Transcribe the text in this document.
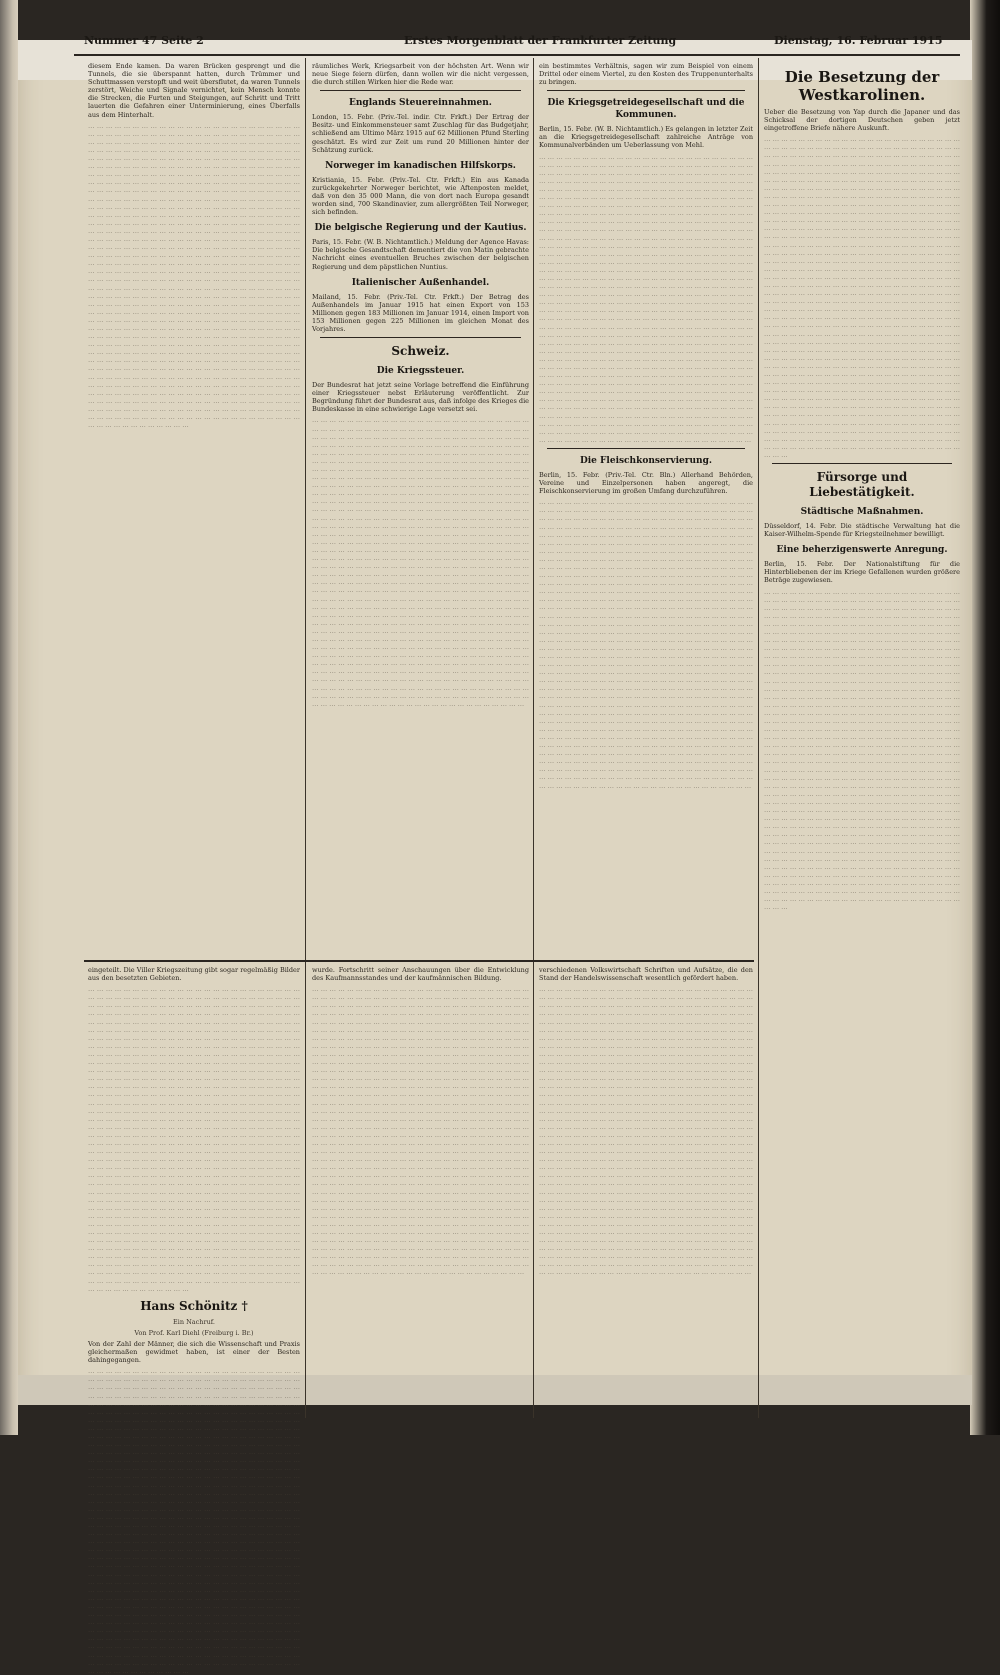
Nummer 47 Seite 2	Erstes Morgenblatt der Frankfurter Zeitung	Dienstag, 16. Februar 1915
diesem Ende kamen. Da waren Brücken gesprengt und die Tunnels, die sie überspannt hatten, durch Trümmer und Schuttmassen verstopft und weit übersflutet, da waren Tunnels zerstört, Weiche und Signale vernichtet, kein Mensch konnte die Strecken, die Furten und Steigungen, auf Schritt und Tritt lauerten die Gefahren einer Unterminierung, eines Überfalls aus dem Hinterhalt.
… … … … … … … … … … … … … … … … … … … … … … … … … … … … … … … … … … … … … … … … … … … … … … … … … … … … … … … … … … … … … … … … … … … … … … … … … … … … … … … … … … … … … … … … … … … … … … … … … … … … … … … … … … … … … … … … … … … … … … … … … … … … … … … … … … … … … … … … … … … … … … … … … … … … … … … … … … … … … … … … … … … … … … … … … … … … … … … … … … … … … … … … … … … … … … … … … … … … … … … … … … … … … … … … … … … … … … … … … … … … … … … … … … … … … … … … … … … … … … … … … … … … … … … … … … … … … … … … … … … … … … … … … … … … … … … … … … … … … … … … … … … … … … … … … … … … … … … … … … … … … … … … … … … … … … … … … … … … … … … … … … … … … … … … … … … … … … … … … … … … … … … … … … … … … … … … … … … … … … … … … … … … … … … … … … … … … … … … … … … … … … … … … … … … … … … … … … … … … … … … … … … … … … … … … … … … … … … … … … … … … … … … … … … … … … … … … … … … … … … … … … … … … … … … … … … … … … … … … … … … … … … … … … … … … … … … … … … … … … … … … … … … … … … … … … … … … … … … … … … … … … … … … … … … … … … … … … … … … … … … … … … … … … … … … … … … … … … … … … … … … … … … … … … … … … … … … … … … … … … … … … … … … … … … … … … … … … … … … … … … … … … … … … … … … … … … … … … … … … … … … … … … … … … … … … … … … … … … … … … … … … … … … … … … … … … … … … … … … … … … … … … … … … … … … … … … … … … … … … … … … … … … … … … … … … … … … … … … … … … … … … … … … … … … … … … … … … … … … … … … … … … … … … … … … … … … … … … … … … … … … … … … … … … … … … … … … … … … … … … … … … … … … … … … … … … … … … … … … … … … … … … … … … … … … … … … … … … … … … … … … … … … … … … … … … … … … … … … … … … … … … … … … … … … … … … … … … … … … … … … … … … … … … … … … … … … … … … … … … … … … … … … … … … … … … … … … … … … … … … … … … … … … … … … … … … … … … … … … … … … … … … … … … … … … … … … … … … … … … … …
räumliches Werk, Kriegsarbeit von der höchsten Art. Wenn wir neue Siege feiern dürfen, dann wollen wir die nicht vergessen, die durch stillen Wirken hier die Rede war.
Englands Steuereinnahmen.
London, 15. Febr. (Priv.-Tel. indir. Ctr. Frkft.) Der Ertrag der Besitz- und Einkommensteuer samt Zuschlag für das Budgetjahr, schließend am Ultimo März 1915 auf 62 Millionen Pfund Sterling geschätzt. Es wird zur Zeit um rund 20 Millionen hinter der Schätzung zurück.
Norweger im kanadischen Hilfskorps.
Kristiania, 15. Febr. (Priv.-Tel. Ctr. Frkft.) Ein aus Kanada zurückgekehrter Norweger berichtet, wie Aftenposten meldet, daß von den 35 000 Mann, die von dort nach Europa gesandt worden sind, 700 Skandinavier, zum allergrößten Teil Norweger, sich befinden.
Die belgische Regierung und der Kautius.
Paris, 15. Febr. (W. B. Nichtamtlich.) Meldung der Agence Havas: Die belgische Gesandtschaft dementiert die von Matin gebrachte Nachricht eines eventuellen Bruches zwischen der belgischen Regierung und dem päpstlichen Nuntius.
Italienischer Außenhandel.
Mailand, 15. Febr. (Priv.-Tel. Ctr. Frkft.) Der Betrag des Außenhandels im Januar 1915 hat einen Export von 153 Millionen gegen 183 Millionen im Januar 1914, einen Import von 153 Millionen gegen 225 Millionen im gleichen Monat des Vorjahres.
Schweiz.
Die Kriegssteuer.
Der Bundesrat hat jetzt seine Vorlage betreffend die Einführung einer Kriegssteuer nebst Erläuterung veröffentlicht. Zur Begründung führt der Bundesrat aus, daß infolge des Krieges die Bundeskasse in eine schwierige Lage versetzt sei.
… … … … … … … … … … … … … … … … … … … … … … … … … … … … … … … … … … … … … … … … … … … … … … … … … … … … … … … … … … … … … … … … … … … … … … … … … … … … … … … … … … … … … … … … … … … … … … … … … … … … … … … … … … … … … … … … … … … … … … … … … … … … … … … … … … … … … … … … … … … … … … … … … … … … … … … … … … … … … … … … … … … … … … … … … … … … … … … … … … … … … … … … … … … … … … … … … … … … … … … … … … … … … … … … … … … … … … … … … … … … … … … … … … … … … … … … … … … … … … … … … … … … … … … … … … … … … … … … … … … … … … … … … … … … … … … … … … … … … … … … … … … … … … … … … … … … … … … … … … … … … … … … … … … … … … … … … … … … … … … … … … … … … … … … … … … … … … … … … … … … … … … … … … … … … … … … … … … … … … … … … … … … … … … … … … … … … … … … … … … … … … … … … … … … … … … … … … … … … … … … … … … … … … … … … … … … … … … … … … … … … … … … … … … … … … … … … … … … … … … … … … … … … … … … … … … … … … … … … … … … … … … … … … … … … … … … … … … … … … … … … … … … … … … … … … … … … … … … … … … … … … … … … … … … … … … … … … … … … … … … … … … … … … … … … … … … … … … … … … … … … … … … … … … … … … … … … … … … … … … … … … … … … … … … … … … … … … … … … … … … … … … … … … … … … … … … … … … … … … … … … … … … … … … … … … … … … … … … … … … … … … … … … … … … … … … … … … … … … … … … … … … … … … … … … … … … … … … … … … … … … … … … … … … … … … … … … … … … … … … … … … … … … … … … … … … … … … … … … … … … … … … … … … … … … … … … … … … … … … … … … … … … … … … … … … … … … … … … … … … … … … … … … … … … … … … … … … … … … … … … … … … … … … … … … … … … … … … … … … … … … … … … … … … … … … … … … … … … … … … … … … … … … … … … … … … … … … … … … … … … … … … … … … … … … … … … … … … … … … … … … … … … … … … … … … … … … … … … … … … … … … … … … … … … … … … … … … … … … … … … … … … … … … … … … … … … … … … … … … … …
ein bestimmtes Verhältnis, sagen wir zum Beispiel von einem Drittel oder einem Viertel, zu den Kosten des Truppenunterhalts zu bringen.
Die Kriegsgetreidegesellschaft und die Kommunen.
Berlin, 15. Febr. (W. B. Nichtamtlich.) Es gelangen in letzter Zeit an die Kriegsgetreidegesellschaft zahlreiche Anträge von Kommunalverbänden um Ueberlassung von Mehl.
… … … … … … … … … … … … … … … … … … … … … … … … … … … … … … … … … … … … … … … … … … … … … … … … … … … … … … … … … … … … … … … … … … … … … … … … … … … … … … … … … … … … … … … … … … … … … … … … … … … … … … … … … … … … … … … … … … … … … … … … … … … … … … … … … … … … … … … … … … … … … … … … … … … … … … … … … … … … … … … … … … … … … … … … … … … … … … … … … … … … … … … … … … … … … … … … … … … … … … … … … … … … … … … … … … … … … … … … … … … … … … … … … … … … … … … … … … … … … … … … … … … … … … … … … … … … … … … … … … … … … … … … … … … … … … … … … … … … … … … … … … … … … … … … … … … … … … … … … … … … … … … … … … … … … … … … … … … … … … … … … … … … … … … … … … … … … … … … … … … … … … … … … … … … … … … … … … … … … … … … … … … … … … … … … … … … … … … … … … … … … … … … … … … … … … … … … … … … … … … … … … … … … … … … … … … … … … … … … … … … … … … … … … … … … … … … … … … … … … … … … … … … … … … … … … … … … … … … … … … … … … … … … … … … … … … … … … … … … … … … … … … … … … … … … … … … … … … … … … … … … … … … … … … … … … … … … … … … … … … … … … … … … … … … … … … … … … … … … … … … … … … … … … … … … … … … … … … … … … … … … … … … … … … … … … … … … … … … … … … … … … … … … … … … … … … … … … … … … … … … … … … … … … … … … … … … … … … … … … … … … … … … … … … … … … … … … … … … … … … … … … … … … … … … … … … … … … … … … … … … … … … … … … … … … … … … … … … … … … … … … … … … … … … … … … … … … … … … … … … … … … … … … … … … … … … … … … … … … … … … … … … … … … … … … … … … … … … … … … … … … … … … … … … … … … … … … … … … … … … … … … … … … … … … … … … … … … … … … … … … … … … … … … … … … … … … … … … … … … … … … … … … … … … … … … … … … … … … … … … … … … … … … … … … … … … … … … … … … … … … … … … … … … … … … … … … … … … … … … … … … … … … … … … … … … … … … … … … … … … … … … … … … … … … … … … … … … … … … … … …
Die Fleischkonservierung.
Berlin, 15. Febr. (Priv.-Tel. Ctr. Bln.) Allerhand Behörden, Vereine und Einzelpersonen haben angeregt, die Fleischkonservierung im großen Umfang durchzuführen.
… … … … … … … … … … … … … … … … … … … … … … … … … … … … … … … … … … … … … … … … … … … … … … … … … … … … … … … … … … … … … … … … … … … … … … … … … … … … … … … … … … … … … … … … … … … … … … … … … … … … … … … … … … … … … … … … … … … … … … … … … … … … … … … … … … … … … … … … … … … … … … … … … … … … … … … … … … … … … … … … … … … … … … … … … … … … … … … … … … … … … … … … … … … … … … … … … … … … … … … … … … … … … … … … … … … … … … … … … … … … … … … … … … … … … … … … … … … … … … … … … … … … … … … … … … … … … … … … … … … … … … … … … … … … … … … … … … … … … … … … … … … … … … … … … … … … … … … … … … … … … … … … … … … … … … … … … … … … … … … … … … … … … … … … … … … … … … … … … … … … … … … … … … … … … … … … … … … … … … … … … … … … … … … … … … … … … … … … … … … … … … … … … … … … … … … … … … … … … … … … … … … … … … … … … … … … … … … … … … … … … … … … … … … … … … … … … … … … … … … … … … … … … … … … … … … … … … … … … … … … … … … … … … … … … … … … … … … … … … … … … … … … … … … … … … … … … … … … … … … … … … … … … … … … … … … … … … … … … … … … … … … … … … … … … … … … … … … … … … … … … … … … … … … … … … … … … … … … … … … … … … … … … … … … … … … … … … … … … … … … … … … … … … … … … … … … … … … … … … … … … … … … … … … … … … … … … … … … … … … … … … … … … … … … … … … … … … … … … … … … … … … … … … … … … … … … … … … … … … … … … … … … … … … … … … … … … … … … … … … … … … … … … … … … … … … … … … … … … … … … … … … … … … … … … … … … … … … … … … … … … … … … … … … … … … … … … … … … … … … … … … … … … … … … … … … … … … … … … … … … … … … … … … … … … … … … … … … … … … … … … … … … … … … … … … … … … … … … … … … … … … … … … … … … … … … … … … … … … … … … … … … … … … … … … … … … … … … … … … … … … … … … … … … … … … … … … … … … … … … … … … … … … … … … … … … … … … … … … … … … … … … … … … … … … … … … … … … … … … … …
Die Besetzung der Westkarolinen.
Ueber die Besetzung von Yap durch die Japaner und das Schicksal der dortigen Deutschen geben jetzt eingetroffene Briefe nähere Auskunft.
… … … … … … … … … … … … … … … … … … … … … … … … … … … … … … … … … … … … … … … … … … … … … … … … … … … … … … … … … … … … … … … … … … … … … … … … … … … … … … … … … … … … … … … … … … … … … … … … … … … … … … … … … … … … … … … … … … … … … … … … … … … … … … … … … … … … … … … … … … … … … … … … … … … … … … … … … … … … … … … … … … … … … … … … … … … … … … … … … … … … … … … … … … … … … … … … … … … … … … … … … … … … … … … … … … … … … … … … … … … … … … … … … … … … … … … … … … … … … … … … … … … … … … … … … … … … … … … … … … … … … … … … … … … … … … … … … … … … … … … … … … … … … … … … … … … … … … … … … … … … … … … … … … … … … … … … … … … … … … … … … … … … … … … … … … … … … … … … … … … … … … … … … … … … … … … … … … … … … … … … … … … … … … … … … … … … … … … … … … … … … … … … … … … … … … … … … … … … … … … … … … … … … … … … … … … … … … … … … … … … … … … … … … … … … … … … … … … … … … … … … … … … … … … … … … … … … … … … … … … … … … … … … … … … … … … … … … … … … … … … … … … … … … … … … … … … … … … … … … … … … … … … … … … … … … … … … … … … … … … … … … … … … … … … … … … … … … … … … … … … … … … … … … … … … … … … … … … … … … … … … … … … … … … … … … … … … … … … … … … … … … … … … … … … … … … … … … … … … … … … … … … … … … … … … … … … … … … … … … … … … … … … … … … … … … … … … … … … … … … … … … … … … … … … … … … … … … … … … … … … … … … … … … … … … … … … … … … … … … … … … … … … … … … … … … … … … … … … … … … … … … … … … … … … … … … … … … … … … … … … … … … … … … … … … … … … … … … … … … … … … … … … … … … … … … … … … … … … … … … … … … … … … … … … … … … … … … … … … … … … … … … … … … … … … … … … … … … … … … … … … … … … … … … … … … … … … … … … … … … … … … … … … … … … … … … … … … … … … … … … … … … … … … … … … … … … … … … … … … … … … … … … … … … … … … … … … … … … … … … … … … … … … … … … … … … … … … … … … … … …
Fürsorge und Liebestätigkeit.
Städtische Maßnahmen.
Düsseldorf, 14. Febr. Die städtische Verwaltung hat die Kaiser-Wilhelm-Spende für Kriegsteilnehmer bewilligt.
Eine beherzigenswerte Anregung.
Berlin, 15. Febr. Der Nationalstiftung für die Hinterbliebenen der im Kriege Gefallenen wurden größere Beträge zugewiesen.
… … … … … … … … … … … … … … … … … … … … … … … … … … … … … … … … … … … … … … … … … … … … … … … … … … … … … … … … … … … … … … … … … … … … … … … … … … … … … … … … … … … … … … … … … … … … … … … … … … … … … … … … … … … … … … … … … … … … … … … … … … … … … … … … … … … … … … … … … … … … … … … … … … … … … … … … … … … … … … … … … … … … … … … … … … … … … … … … … … … … … … … … … … … … … … … … … … … … … … … … … … … … … … … … … … … … … … … … … … … … … … … … … … … … … … … … … … … … … … … … … … … … … … … … … … … … … … … … … … … … … … … … … … … … … … … … … … … … … … … … … … … … … … … … … … … … … … … … … … … … … … … … … … … … … … … … … … … … … … … … … … … … … … … … … … … … … … … … … … … … … … … … … … … … … … … … … … … … … … … … … … … … … … … … … … … … … … … … … … … … … … … … … … … … … … … … … … … … … … … … … … … … … … … … … … … … … … … … … … … … … … … … … … … … … … … … … … … … … … … … … … … … … … … … … … … … … … … … … … … … … … … … … … … … … … … … … … … … … … … … … … … … … … … … … … … … … … … … … … … … … … … … … … … … … … … … … … … … … … … … … … … … … … … … … … … … … … … … … … … … … … … … … … … … … … … … … … … … … … … … … … … … … … … … … … … … … … … … … … … … … … … … … … … … … … … … … … … … … … … … … … … … … … … … … … … … … … … … … … … … … … … … … … … … … … … … … … … … … … … … … … … … … … … … … … … … … … … … … … … … … … … … … … … … … … … … … … … … … … … … … … … … … … … … … … … … … … … … … … … … … … … … … … … … … … … … … … … … … … … … … … … … … … … … … … … … … … … … … … … … … … … … … … … … … … … … … … … … … … … … … … … … … … … … … … … … … … … … … … … … … … … … … … … … … … … … … … … … … … … … … … … … … … … … … … … … … … … … … … … … … … … … … … … … … … … … … … … … … … … … … … … … … … … … … … … … … … … … … … … … … … … … … … … … … … … … … … … … … … … … … … … … … … … … … … … … … … … … … … … …
eingeteilt. Die Viller Kriegszeitung gibt sogar regelmäßig Bilder aus den besetzten Gebieten.
… … … … … … … … … … … … … … … … … … … … … … … … … … … … … … … … … … … … … … … … … … … … … … … … … … … … … … … … … … … … … … … … … … … … … … … … … … … … … … … … … … … … … … … … … … … … … … … … … … … … … … … … … … … … … … … … … … … … … … … … … … … … … … … … … … … … … … … … … … … … … … … … … … … … … … … … … … … … … … … … … … … … … … … … … … … … … … … … … … … … … … … … … … … … … … … … … … … … … … … … … … … … … … … … … … … … … … … … … … … … … … … … … … … … … … … … … … … … … … … … … … … … … … … … … … … … … … … … … … … … … … … … … … … … … … … … … … … … … … … … … … … … … … … … … … … … … … … … … … … … … … … … … … … … … … … … … … … … … … … … … … … … … … … … … … … … … … … … … … … … … … … … … … … … … … … … … … … … … … … … … … … … … … … … … … … … … … … … … … … … … … … … … … … … … … … … … … … … … … … … … … … … … … … … … … … … … … … … … … … … … … … … … … … … … … … … … … … … … … … … … … … … … … … … … … … … … … … … … … … … … … … … … … … … … … … … … … … … … … … … … … … … … … … … … … … … … … … … … … … … … … … … … … … … … … … … … … … … … … … … … … … … … … … … … … … … … … … … … … … … … … … … … … … … … … … … … … … … … … … … … … … … … … … … … … … … … … … … … … … … … … … … … … … … … … … … … … … … … … … … … … … … … … … … … … … … … … … … … … … … … … … … … … … … … … … … … … … … … … … … … … … … … … … … … … … … … … … … … … … … … … … … … … … … … … … … … … … … … … … … … … … … … … … … … … … … … … … … … … … … … … … … … … … … … … … … … … … … … … … … … … … … … … … … … … … … … … … … … … … … … … … … … … … … … … … … … … … … … … … … … … … … … … … … … … … … … … … … … … … … … … … … … … … … … … … … … … … … … … … … … … … … … … … … … … … … … … … … … … … … … … … … … … … … … … … … … … … … … … … … … … … … … … … … … … … … … … … … … … … … … … … … … … … … … … … … … … … … … … … … … … … … … … … … … … … … … … … … … … … …
Hans Schönitz †
Ein Nachruf.
Von Prof. Karl Diehl (Freiburg i. Br.)
Von der Zahl der Männer, die sich die Wissenschaft und Praxis gleichermaßen gewidmet haben, ist einer der Besten dahingegangen.
… … … … … … … … … … … … … … … … … … … … … … … … … … … … … … … … … … … … … … … … … … … … … … … … … … … … … … … … … … … … … … … … … … … … … … … … … … … … … … … … … … … … … … … … … … … … … … … … … … … … … … … … … … … … … … … … … … … … … … … … … … … … … … … … … … … … … … … … … … … … … … … … … … … … … … … … … … … … … … … … … … … … … … … … … … … … … … … … … … … … … … … … … … … … … … … … … … … … … … … … … … … … … … … … … … … … … … … … … … … … … … … … … … … … … … … … … … … … … … … … … … … … … … … … … … … … … … … … … … … … … … … … … … … … … … … … … … … … … … … … … … … … … … … … … … … … … … … … … … … … … … … … … … … … … … … … … … … … … … … … … … … … … … … … … … … … … … … … … … … … … … … … … … … … … … … … … … … … … … … … … … … … … … … … … … … … … … … … … … … … … … … … … … … … … … … … … … … … … … … … … … … … … … … … … … … … … … … … … … … … … … … … … … … … … … … … … … … … … … … … … … … … … … … … … … … … … … … … … … … … … … … … … … … … … … … … … … … … … … … … … … … … … … … … … … … … … … … … … … … … … … … … … … … … … … … … … … … … … … … … … … … … … … … … … … … … … … … … … … … … … … … … … … … … … … … … … … … … … … … … … … … … … … … … … … … … … … … … … … … … … … … … … … … … … … … … … … … … … … … … … … … … … … … … … … … … … … … … … … … … … … … … … … … … … … … … … … … … … … … … … … … … … … … … … … … … … … … … … … … … … … … … … … … … … … … … … … … … … … … … … … … … … … … … … … … … … … … … … … … … … … … … … … … … … … … … … … … … … … … … … … … … … … … … … … … … … … … … … … … … … … … … … … … … … … … … … … … … … … … … … … … … … … … … … … … … … … … … … … … … … … … … … … … … … … … … … … … … … … … … … … … … … … … … … … … … … … … … … … … … … … … … … … … … … … … … … … … … … … … … … … … … … … … … … … … … … … … … … … … … … … … … … … … … … … … … … … … … … … … … … … … … … … … … … … … … … … … … … … … …
wurde. Fortschritt seiner Anschauungen über die Entwicklung des Kaufmannsstandes und der kaufmännischen Bildung.
… … … … … … … … … … … … … … … … … … … … … … … … … … … … … … … … … … … … … … … … … … … … … … … … … … … … … … … … … … … … … … … … … … … … … … … … … … … … … … … … … … … … … … … … … … … … … … … … … … … … … … … … … … … … … … … … … … … … … … … … … … … … … … … … … … … … … … … … … … … … … … … … … … … … … … … … … … … … … … … … … … … … … … … … … … … … … … … … … … … … … … … … … … … … … … … … … … … … … … … … … … … … … … … … … … … … … … … … … … … … … … … … … … … … … … … … … … … … … … … … … … … … … … … … … … … … … … … … … … … … … … … … … … … … … … … … … … … … … … … … … … … … … … … … … … … … … … … … … … … … … … … … … … … … … … … … … … … … … … … … … … … … … … … … … … … … … … … … … … … … … … … … … … … … … … … … … … … … … … … … … … … … … … … … … … … … … … … … … … … … … … … … … … … … … … … … … … … … … … … … … … … … … … … … … … … … … … … … … … … … … … … … … … … … … … … … … … … … … … … … … … … … … … … … … … … … … … … … … … … … … … … … … … … … … … … … … … … … … … … … … … … … … … … … … … … … … … … … … … … … … … … … … … … … … … … … … … … … … … … … … … … … … … … … … … … … … … … … … … … … … … … … … … … … … … … … … … … … … … … … … … … … … … … … … … … … … … … … … … … … … … … … … … … … … … … … … … … … … … … … … … … … … … … … … … … … … … … … … … … … … … … … … … … … … … … … … … … … … … … … … … … … … … … … … … … … … … … … … … … … … … … … … … … … … … … … … … … … … … … … … … … … … … … … … … … … … … … … … … … … … … … … … … … … … … … … … … … … … … … … … … … … … … … … … … … … … … … … … … … … … … … … … … … … … … … … … … … … … … … … … … … … … … … … … … … … … … … … … … … … … … … … … … … … … … … … … … … … … … … … … … … … … … … … … … … … … … … … … … … … … … … … … … … … … … … … … … … … … … … … … … … … … … … … … … … … … … … … … … … … … … … … … … … … … … … … … … … … … … … … … … … … … … … … … … … … … … … … … … … …
verschiedenen Volkswirtschaft Schriften und Aufsätze, die den Stand der Handelswissenschaft wesentlich gefördert haben.
… … … … … … … … … … … … … … … … … … … … … … … … … … … … … … … … … … … … … … … … … … … … … … … … … … … … … … … … … … … … … … … … … … … … … … … … … … … … … … … … … … … … … … … … … … … … … … … … … … … … … … … … … … … … … … … … … … … … … … … … … … … … … … … … … … … … … … … … … … … … … … … … … … … … … … … … … … … … … … … … … … … … … … … … … … … … … … … … … … … … … … … … … … … … … … … … … … … … … … … … … … … … … … … … … … … … … … … … … … … … … … … … … … … … … … … … … … … … … … … … … … … … … … … … … … … … … … … … … … … … … … … … … … … … … … … … … … … … … … … … … … … … … … … … … … … … … … … … … … … … … … … … … … … … … … … … … … … … … … … … … … … … … … … … … … … … … … … … … … … … … … … … … … … … … … … … … … … … … … … … … … … … … … … … … … … … … … … … … … … … … … … … … … … … … … … … … … … … … … … … … … … … … … … … … … … … … … … … … … … … … … … … … … … … … … … … … … … … … … … … … … … … … … … … … … … … … … … … … … … … … … … … … … … … … … … … … … … … … … … … … … … … … … … … … … … … … … … … … … … … … … … … … … … … … … … … … … … … … … … … … … … … … … … … … … … … … … … … … … … … … … … … … … … … … … … … … … … … … … … … … … … … … … … … … … … … … … … … … … … … … … … … … … … … … … … … … … … … … … … … … … … … … … … … … … … … … … … … … … … … … … … … … … … … … … … … … … … … … … … … … … … … … … … … … … … … … … … … … … … … … … … … … … … … … … … … … … … … … … … … … … … … … … … … … … … … … … … … … … … … … … … … … … … … … … … … … … … … … … … … … … … … … … … … … … … … … … … … … … … … … … … … … … … … … … … … … … … … … … … … … … … … … … … … … … … … … … … … … … … … … … … … … … … … … … … … … … … … … … … … … … … … … … … … … … … … … … … … … … … … … … … … … … … … … … … … … … … … … … … … … … … … … … … … … … … … … … … … … … … … … … … … … … … … … … … … … … … … … … … … … … … … … … … … … … … … … … … … … … … …
